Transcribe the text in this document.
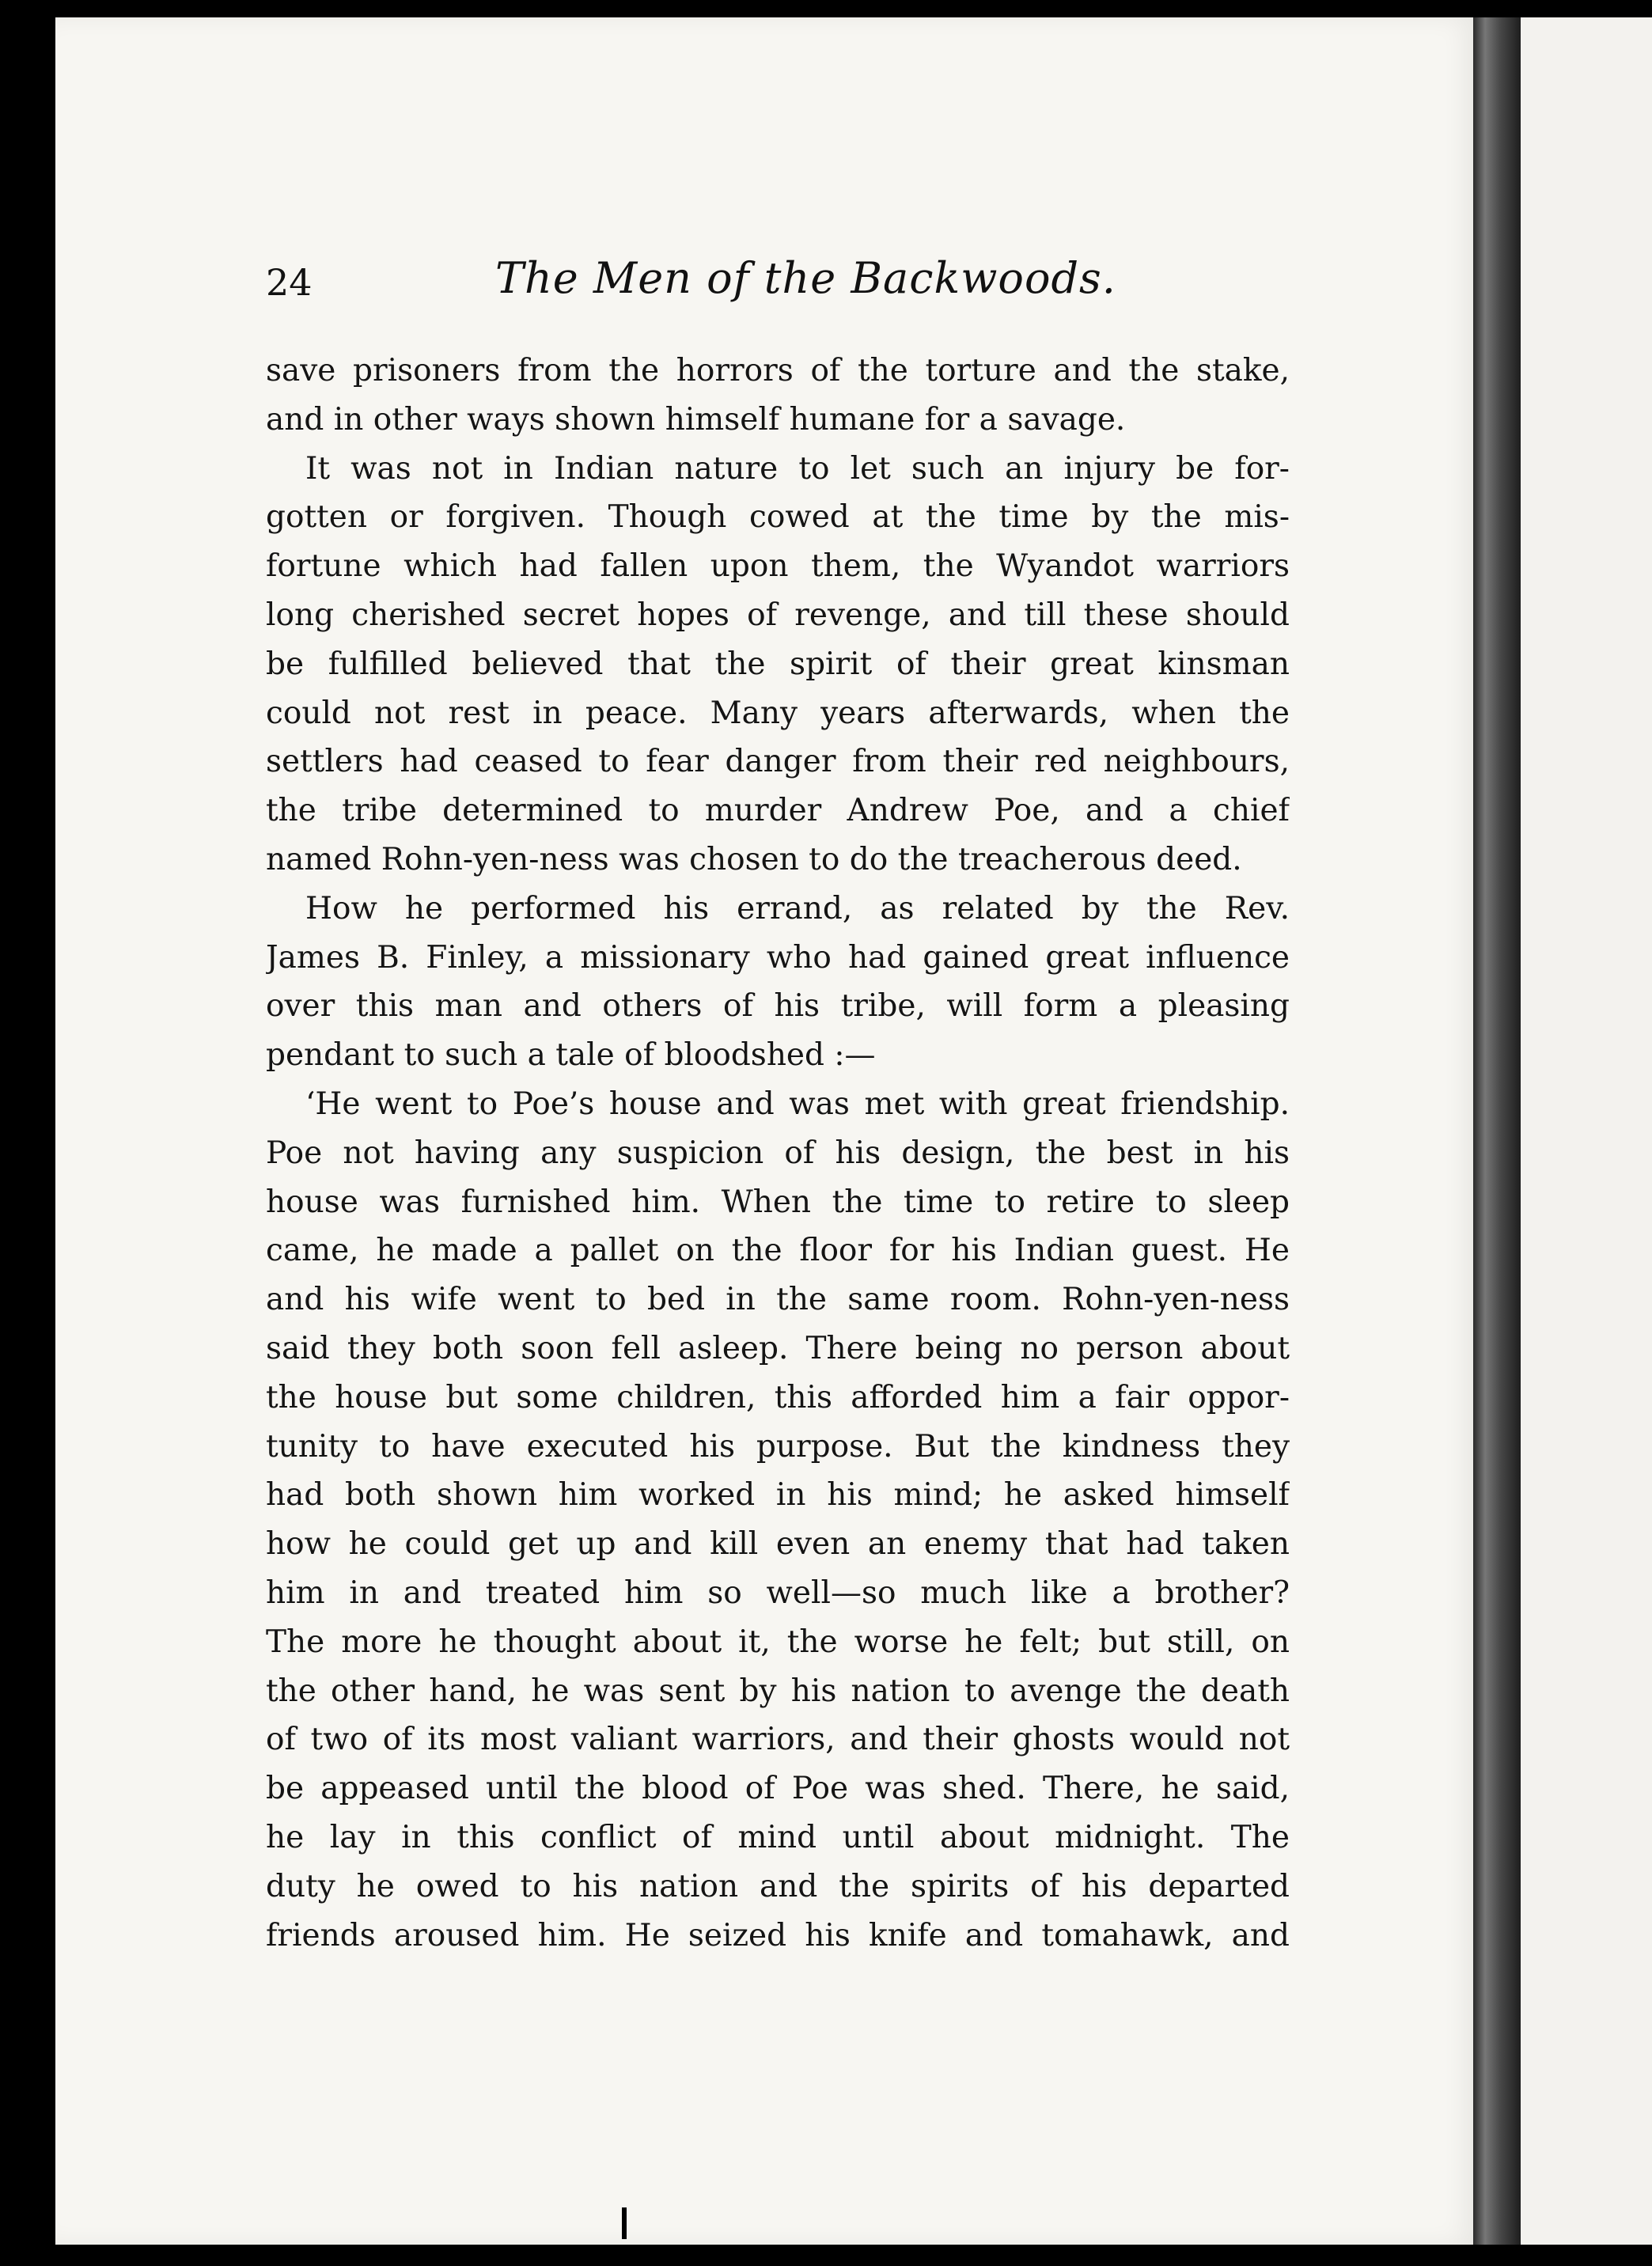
24	The Men of the Backwoods.
save prisoners from the horrors of the torture and the stake,
and in other ways shown himself humane for a savage.
It was not in Indian nature to let such an injury be for-
gotten or forgiven. Though cowed at the time by the mis-
fortune which had fallen upon them, the Wyandot warriors
long cherished secret hopes of revenge, and till these should
be fulfilled believed that the spirit of their great kinsman
could not rest in peace. Many years afterwards, when the
settlers had ceased to fear danger from their red neighbours,
the tribe determined to murder Andrew Poe, and a chief
named Rohn-yen-ness was chosen to do the treacherous deed.
How he performed his errand, as related by the Rev.
James B. Finley, a missionary who had gained great influence
over this man and others of his tribe, will form a pleasing
pendant to such a tale of bloodshed :—
‘He went to Poe’s house and was met with great friendship.
Poe not having any suspicion of his design, the best in his
house was furnished him. When the time to retire to sleep
came, he made a pallet on the floor for his Indian guest. He
and his wife went to bed in the same room. Rohn-yen-ness
said they both soon fell asleep. There being no person about
the house but some children, this afforded him a fair oppor-
tunity to have executed his purpose. But the kindness they
had both shown him worked in his mind; he asked himself
how he could get up and kill even an enemy that had taken
him in and treated him so well—so much like a brother?
The more he thought about it, the worse he felt; but still, on
the other hand, he was sent by his nation to avenge the death
of two of its most valiant warriors, and their ghosts would not
be appeased until the blood of Poe was shed. There, he said,
he lay in this conflict of mind until about midnight. The
duty he owed to his nation and the spirits of his departed
friends aroused him. He seized his knife and tomahawk, and
